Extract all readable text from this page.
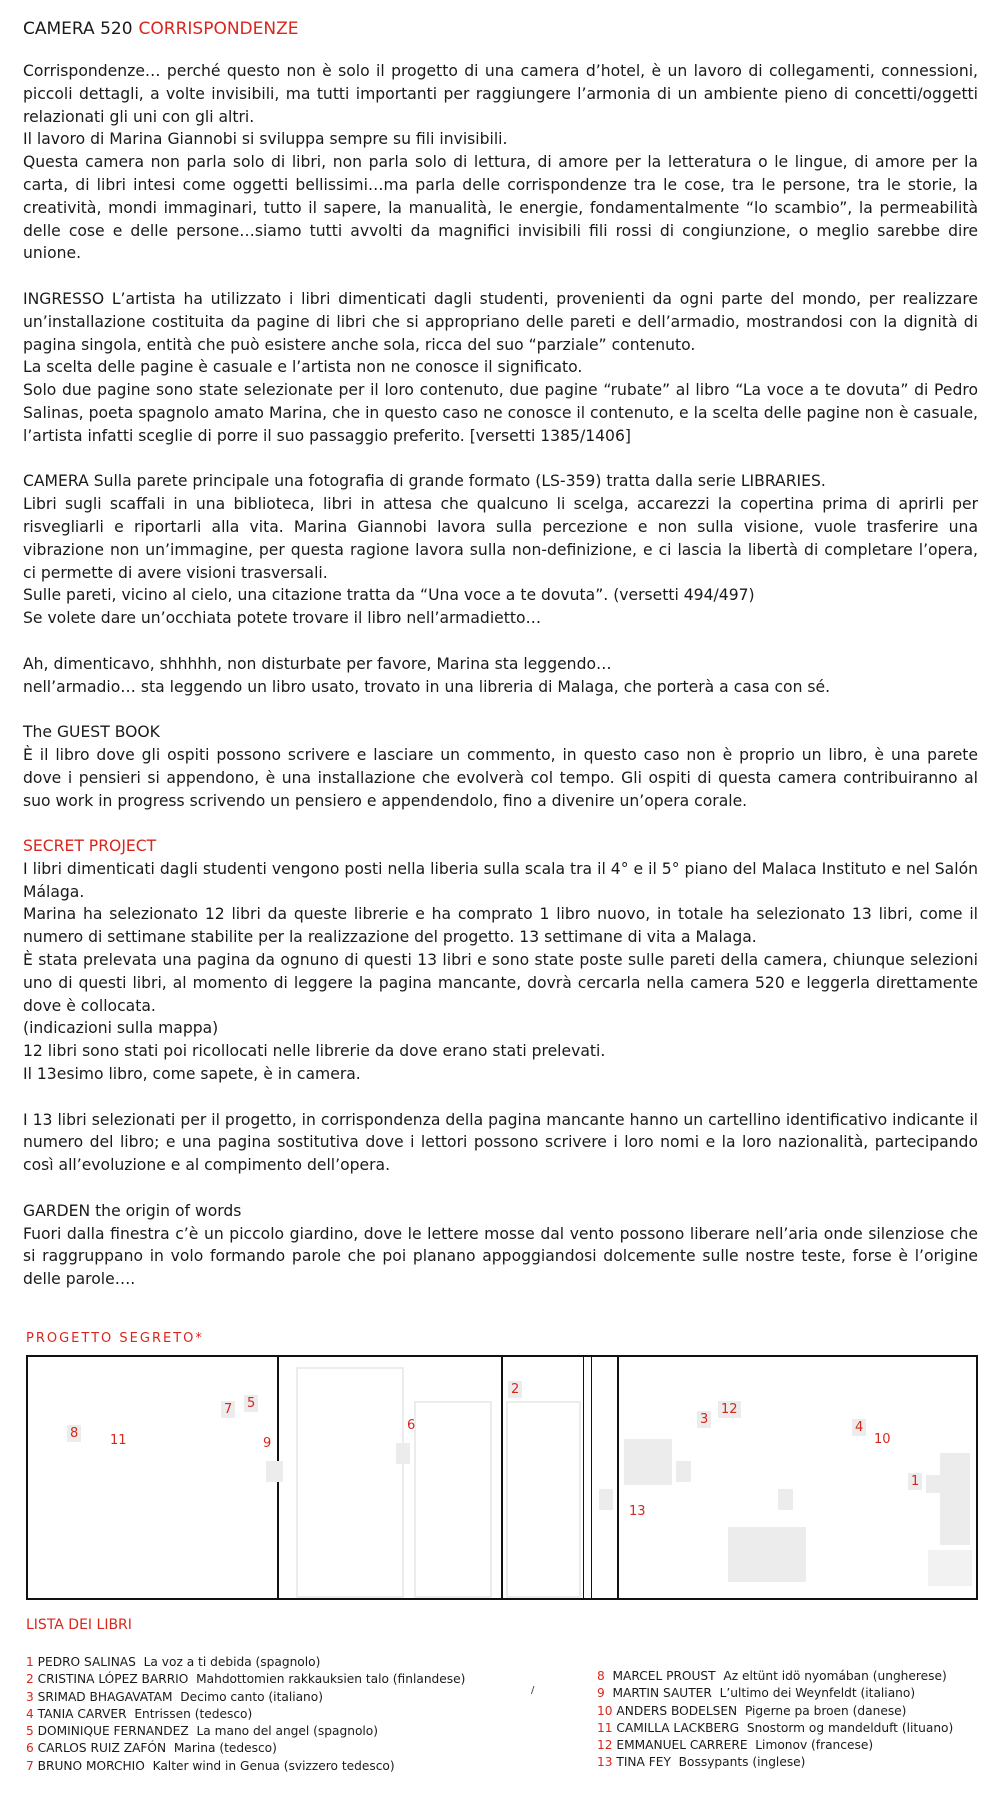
CAMERA 520 CORRISPONDENZE
Corrispondenze… perché questo non è solo il progetto di una camera d’hotel, è un lavoro di collegamenti, connessioni, piccoli dettagli, a volte invisibili, ma tutti importanti per raggiungere l’armonia di un ambiente pieno di concetti/oggetti relazionati gli uni con gli altri.
Il lavoro di Marina Giannobi si sviluppa sempre su fili invisibili.
Questa camera non parla solo di libri, non parla solo di lettura, di amore per la letteratura o le lingue, di amore per la carta, di libri intesi come oggetti bellissimi…ma parla delle corrispondenze tra le cose, tra le persone, tra le storie, la creatività, mondi immaginari, tutto il sapere, la manualità, le energie, fondamentalmente “lo scambio”, la permeabilità delle cose e delle persone…siamo tutti avvolti da magnifici invisibili fili rossi di congiunzione, o meglio sarebbe dire unione.
INGRESSO L’artista ha utilizzato i libri dimenticati dagli studenti, provenienti da ogni parte del mondo, per realizzare un’installazione costituita da pagine di libri che si appropriano delle pareti e dell’armadio, mostrandosi con la dignità di pagina singola, entità che può esistere anche sola, ricca del suo “parziale” contenuto.
La scelta delle pagine è casuale e l’artista non ne conosce il significato.
Solo due pagine sono state selezionate per il loro contenuto, due pagine “rubate” al libro “La voce a te dovuta” di Pedro Salinas, poeta spagnolo amato Marina, che in questo caso ne conosce il contenuto, e la scelta delle pagine non è casuale, l’artista infatti sceglie di porre il suo passaggio preferito. [versetti 1385/1406]
CAMERA Sulla parete principale una fotografia di grande formato (LS-359) tratta dalla serie LIBRARIES.
Libri sugli scaffali in una biblioteca, libri in attesa che qualcuno li scelga, accarezzi la copertina prima di aprirli per risvegliarli e riportarli alla vita. Marina Giannobi lavora sulla percezione e non sulla visione, vuole trasferire una vibrazione non un’immagine, per questa ragione lavora sulla non-definizione, e ci lascia la libertà di completare l’opera, ci permette di avere visioni trasversali.
Sulle pareti, vicino al cielo, una citazione tratta da “Una voce a te dovuta”. (versetti 494/497)
Se volete dare un’occhiata potete trovare il libro nell’armadietto…
Ah, dimenticavo, shhhhh, non disturbate per favore, Marina sta leggendo…
nell’armadio… sta leggendo un libro usato, trovato in una libreria di Malaga, che porterà a casa con sé.
The GUEST BOOK
È il libro dove gli ospiti possono scrivere e lasciare un commento, in questo caso non è proprio un libro, è una parete dove i pensieri si appendono, è una installazione che evolverà col tempo. Gli ospiti di questa camera contribuiranno al suo work in progress scrivendo un pensiero e appendendolo, fino a divenire un’opera corale.
SECRET PROJECT
I libri dimenticati dagli studenti vengono posti nella liberia sulla scala tra il 4° e il 5° piano del Malaca Instituto e nel Salón Málaga.
Marina ha selezionato 12 libri da queste librerie e ha comprato 1 libro nuovo, in totale ha selezionato 13 libri, come il numero di settimane stabilite per la realizzazione del progetto. 13 settimane di vita a Malaga.
È stata prelevata una pagina da ognuno di questi 13 libri e sono state poste sulle pareti della camera, chiunque selezioni uno di questi libri, al momento di leggere la pagina mancante, dovrà cercarla nella camera 520 e leggerla direttamente dove è collocata.
(indicazioni sulla mappa)
12 libri sono stati poi ricollocati nelle librerie da dove erano stati prelevati.
Il 13esimo libro, come sapete, è in camera.
I 13 libri selezionati per il progetto, in corrispondenza della pagina mancante hanno un cartellino identificativo indicante il numero del libro; e una pagina sostitutiva dove i lettori possono scrivere i loro nomi e la loro nazionalità, partecipando così all’evoluzione e al compimento dell’opera.
GARDEN the origin of words
Fuori dalla finestra c’è un piccolo giardino, dove le lettere mosse dal vento possono liberare nell’aria onde silenziose che si raggruppano in volo formando parole che poi planano appoggiandosi dolcemente sulle nostre teste, forse è l’origine delle parole….
PROGETTO SEGRETO*
8 11
7 5
9
6
2
3
12
13
4
10
1
LISTA DEI LIBRI
1 PEDRO SALINAS La voz a ti debida (spagnolo)
2 CRISTINA LÓPEZ BARRIO Mahdottomien rakkauksien talo (finlandese)
3 SRIMAD BHAGAVATAM Decimo canto (italiano)
4 TANIA CARVER Entrissen (tedesco)
5 DOMINIQUE FERNANDEZ La mano del angel (spagnolo)
6 CARLOS RUIZ ZAFÓN Marina (tedesco)
7 BRUNO MORCHIO Kalter wind in Genua (svizzero tedesco)
/
8 MARCEL PROUST Az eltünt idö nyomában (ungherese)
9 MARTIN SAUTER L’ultimo dei Weynfeldt (italiano)
10 ANDERS BODELSEN Pigerne pa broen (danese)
11 CAMILLA LACKBERG Snostorm og mandelduft (lituano)
12 EMMANUEL CARRERE Limonov (francese)
13 TINA FEY Bossypants (inglese)
